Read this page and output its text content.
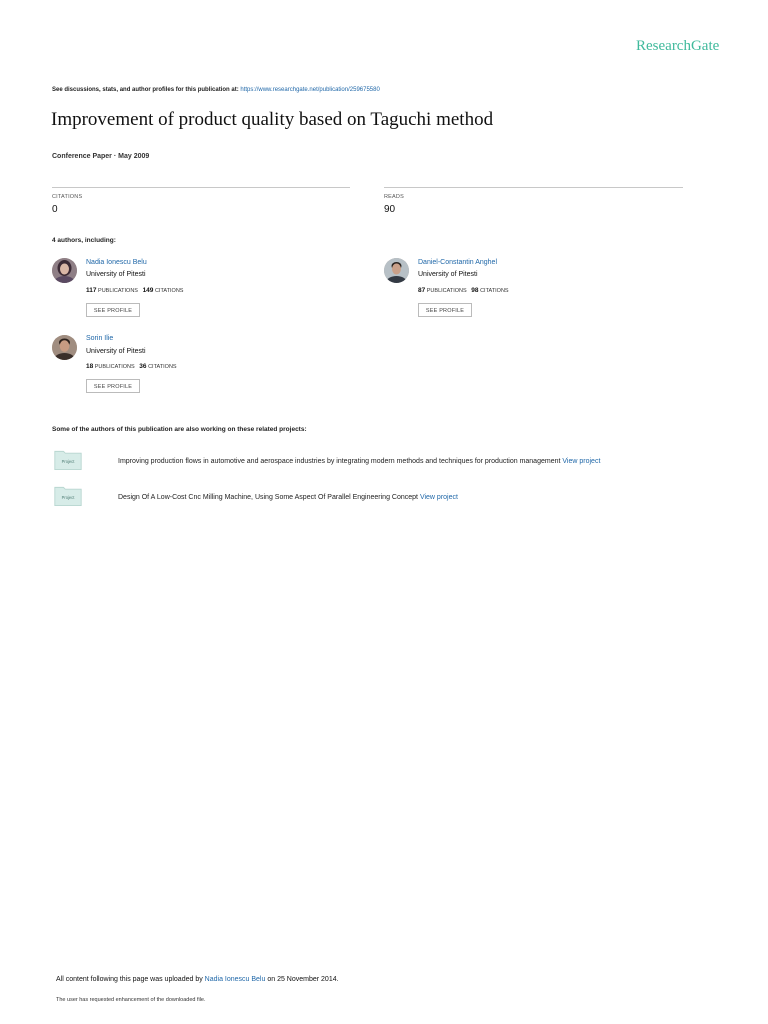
ResearchGate
See discussions, stats, and author profiles for this publication at: https://www.researchgate.net/publication/259675580
Improvement of product quality based on Taguchi method
Conference Paper · May 2009
CITATIONS
0
READS
90
4 authors, including:
Nadia Ionescu Belu
University of Pitesti
117 PUBLICATIONS 149 CITATIONS
SEE PROFILE
Daniel-Constantin Anghel
University of Pitesti
87 PUBLICATIONS 98 CITATIONS
SEE PROFILE
Sorin Ilie
University of Pitesti
18 PUBLICATIONS 36 CITATIONS
SEE PROFILE
Some of the authors of this publication are also working on these related projects:
Project	Improving production flows in automotive and aerospace industries by integrating modern methods and techniques for production management View project
Project	Design Of A Low-Cost Cnc Milling Machine, Using Some Aspect Of Parallel Engineering Concept View project
All content following this page was uploaded by Nadia Ionescu Belu on 25 November 2014.
The user has requested enhancement of the downloaded file.
